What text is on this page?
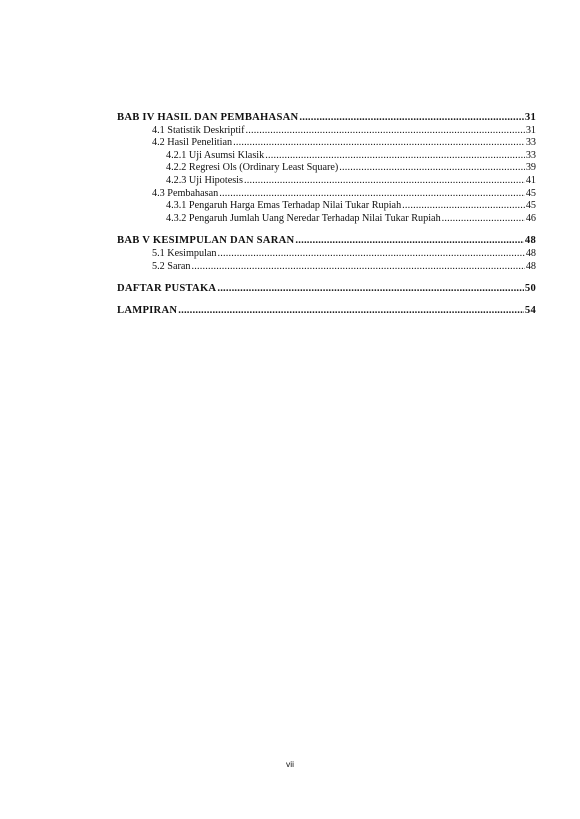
BAB IV HASIL DAN PEMBAHASAN .....	31
4.1 Statistik Deskriptif .....	31
4.2 Hasil Penelitian .....	33
4.2.1 Uji Asumsi Klasik .....	33
4.2.2 Regresi Ols (Ordinary Least Square) .....	39
4.2.3 Uji Hipotesis .....	41
4.3 Pembahasan .....	45
4.3.1 Pengaruh Harga Emas Terhadap Nilai Tukar Rupiah .....	45
4.3.2 Pengaruh Jumlah Uang Neredar Terhadap Nilai Tukar Rupiah .....	46
BAB V KESIMPULAN DAN SARAN .....	48
5.1 Kesimpulan .....	48
5.2 Saran .....	48
DAFTAR PUSTAKA .....	50
LAMPIRAN .....	54
vii
